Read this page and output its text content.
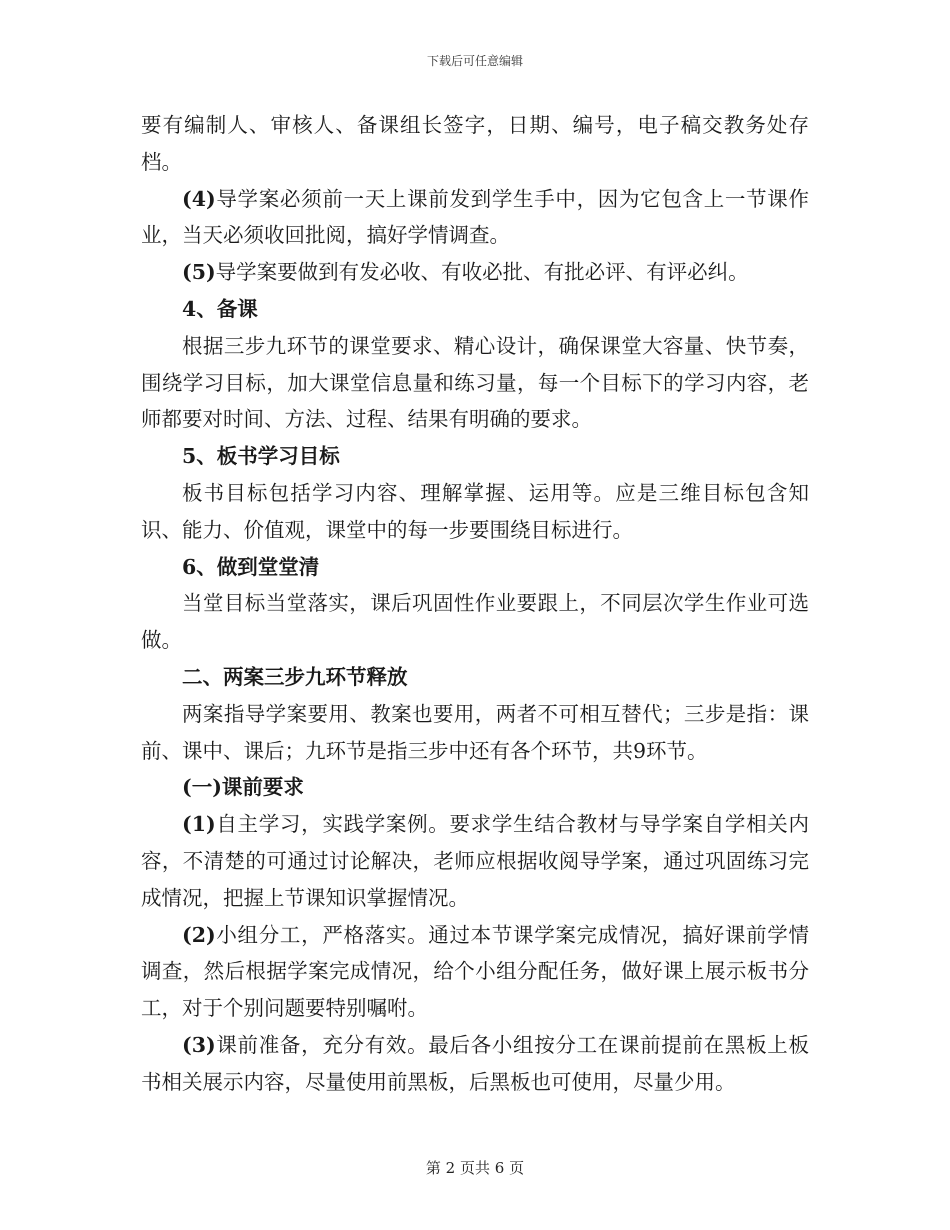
下载后可任意编辑

要有编制人、审核人、备课组长签字，日期、编号，电子稿交教务处存档。

(4)导学案必须前一天上课前发到学生手中，因为它包含上一节课作业，当天必须收回批阅，搞好学情调查。

(5)导学案要做到有发必收、有收必批、有批必评、有评必纠。

4、备课

根据三步九环节的课堂要求、精心设计，确保课堂大容量、快节奏，围绕学习目标，加大课堂信息量和练习量，每一个目标下的学习内容，老师都要对时间、方法、过程、结果有明确的要求。

5、板书学习目标

板书目标包括学习内容、理解掌握、运用等。应是三维目标包含知识、能力、价值观，课堂中的每一步要围绕目标进行。

6、做到堂堂清

当堂目标当堂落实，课后巩固性作业要跟上，不同层次学生作业可选做。

二、两案三步九环节释放

两案指导学案要用、教案也要用，两者不可相互替代；三步是指：课前、课中、课后；九环节是指三步中还有各个环节，共9环节。

(一)课前要求

(1)自主学习，实践学案例。要求学生结合教材与导学案自学相关内容，不清楚的可通过讨论解决，老师应根据收阅导学案，通过巩固练习完成情况，把握上节课知识掌握情况。

(2)小组分工，严格落实。通过本节课学案完成情况，搞好课前学情调查，然后根据学案完成情况，给个小组分配任务，做好课上展示板书分工，对于个别问题要特别嘱咐。

(3)课前准备，充分有效。最后各小组按分工在课前提前在黑板上板书相关展示内容，尽量使用前黑板，后黑板也可使用，尽量少用。

第 2 页共 6 页
